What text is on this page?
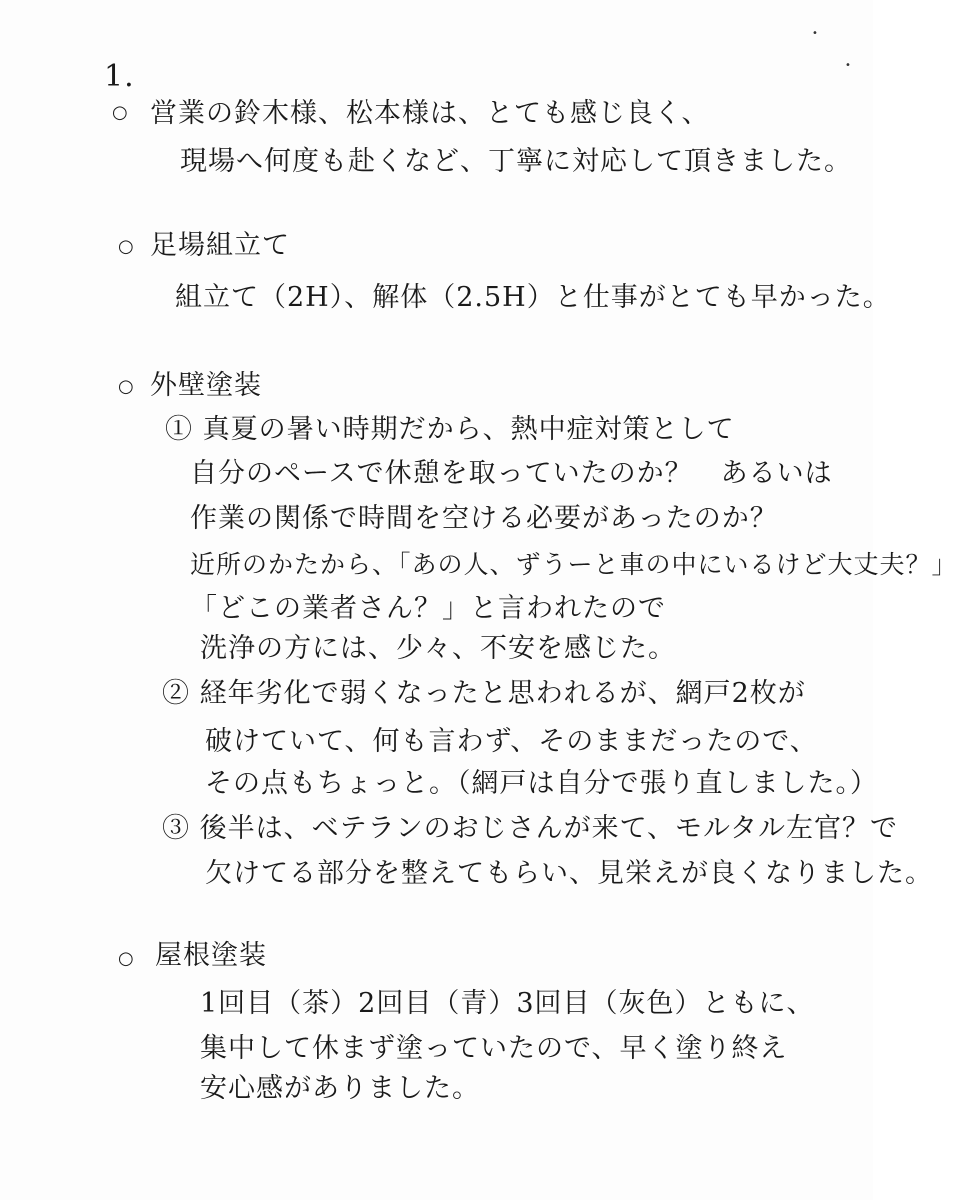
•
•
1.
○ 営業の鈴木様、松本様は、とても感じ良く、
現場へ何度も赴くなど、丁寧に対応して頂きました。
○ 足場組立て
組立て（2H）、解体（2.5H）と仕事がとても早かった。
○ 外壁塗装
① 真夏の暑い時期だから、熱中症対策として
自分のペースで休憩を取っていたのか？　あるいは
作業の関係で時間を空ける必要があったのか？
近所のかたから、「あの人、ずうーと車の中にいるけど大丈夫？」
「どこの業者さん？」と言われたので
洗浄の方には、少々、不安を感じた。
② 経年劣化で弱くなったと思われるが、網戸2枚が
破けていて、何も言わず、そのままだったので、
その点もちょっと。（網戸は自分で張り直しました。）
③ 後半は、ベテランのおじさんが来て、モルタル左官？で
欠けてる部分を整えてもらい、見栄えが良くなりました。
○ 屋根塗装
1回目（茶）2回目（青）3回目（灰色）ともに、
集中して休まず塗っていたので、早く塗り終え
安心感がありました。
